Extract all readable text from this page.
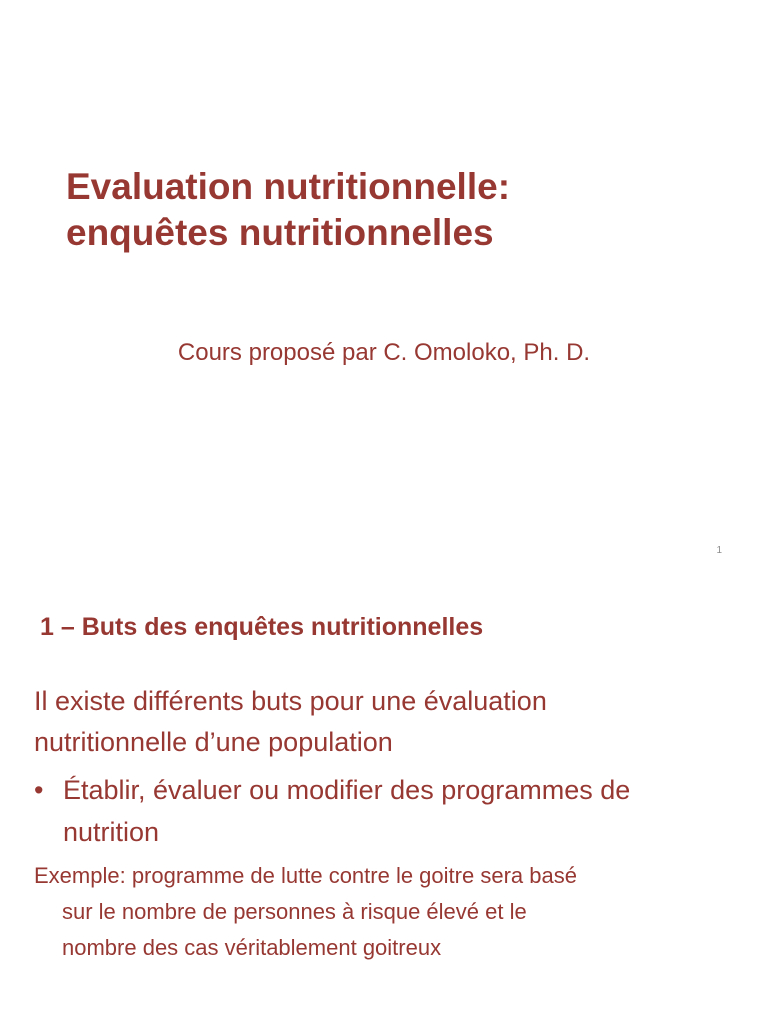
Evaluation nutritionnelle:
enquêtes nutritionnelles

Cours proposé par C. Omoloko, Ph. D.

1
1 – Buts des enquêtes nutritionnelles

Il existe différents buts pour une évaluation
nutritionnelle d’une population

• Établir, évaluer ou modifier des programmes de
nutrition

Exemple: programme de lutte contre le goitre sera basé
sur le nombre de personnes à risque élevé et le
nombre des cas véritablement goitreux
